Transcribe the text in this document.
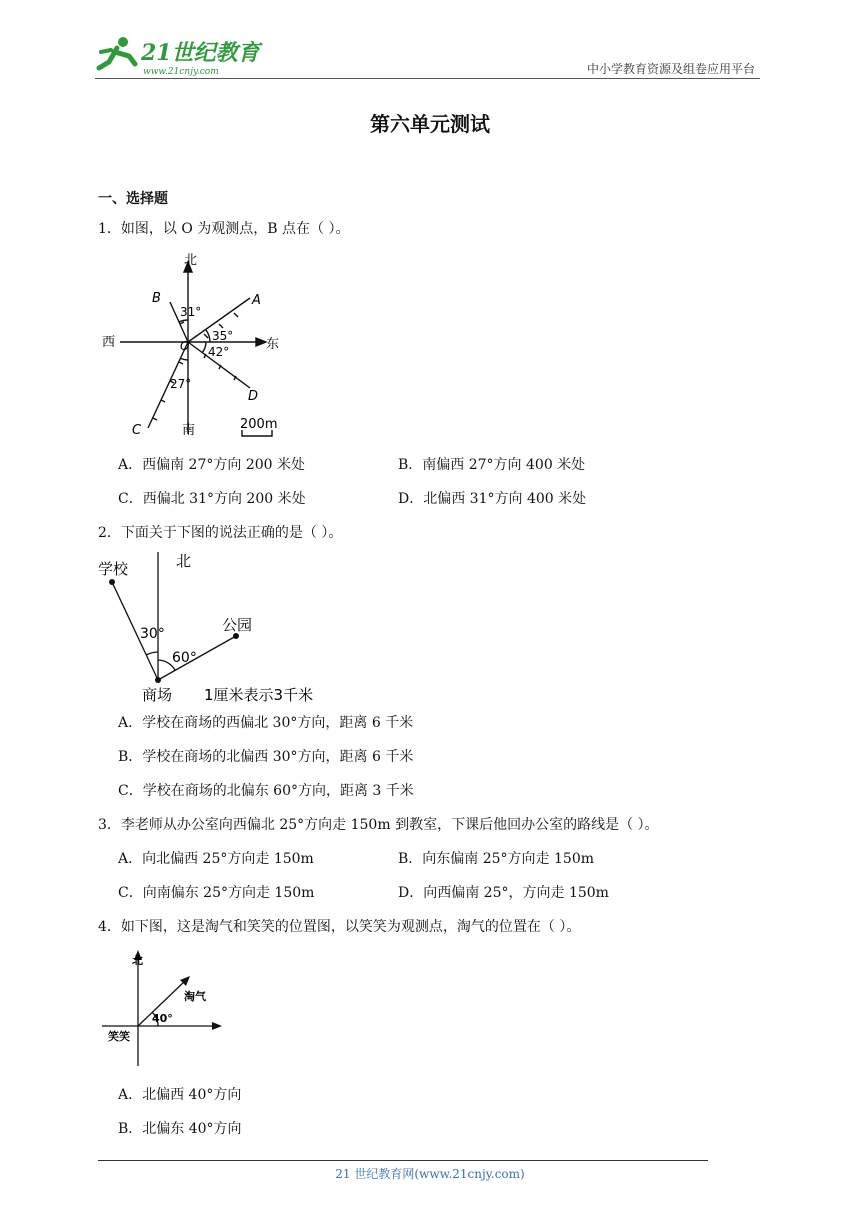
21世纪教育
www.21cnjy.com	中小学教育资源及组卷应用平台
第六单元测试
一、选择题
1．如图，以 O 为观测点，B 点在（ ）。
北
南
西	东
O
A
B
C
D
31°
35°
42°
27°
200m
A．西偏南 27°方向 200 米处	B．南偏西 27°方向 400 米处
C．西偏北 31°方向 200 米处	D．北偏西 31°方向 400 米处
2．下面关于下图的说法正确的是（ ）。
北
学校
公园
商场
30°
60°
1厘米表示3千米
A．学校在商场的西偏北 30°方向，距离 6 千米
B．学校在商场的北偏西 30°方向，距离 6 千米
C．学校在商场的北偏东 60°方向，距离 3 千米
3．李老师从办公室向西偏北 25°方向走 150m 到教室，下课后他回办公室的路线是（ ）。
A．向北偏西 25°方向走 150m	B．向东偏南 25°方向走 150m
C．向南偏东 25°方向走 150m	D．向西偏南 25°，方向走 150m
4．如下图，这是淘气和笑笑的位置图，以笑笑为观测点，淘气的位置在（ ）。
北
淘气
笑笑
40°
A．北偏西 40°方向
B．北偏东 40°方向
21 世纪教育网(www.21cnjy.com)
